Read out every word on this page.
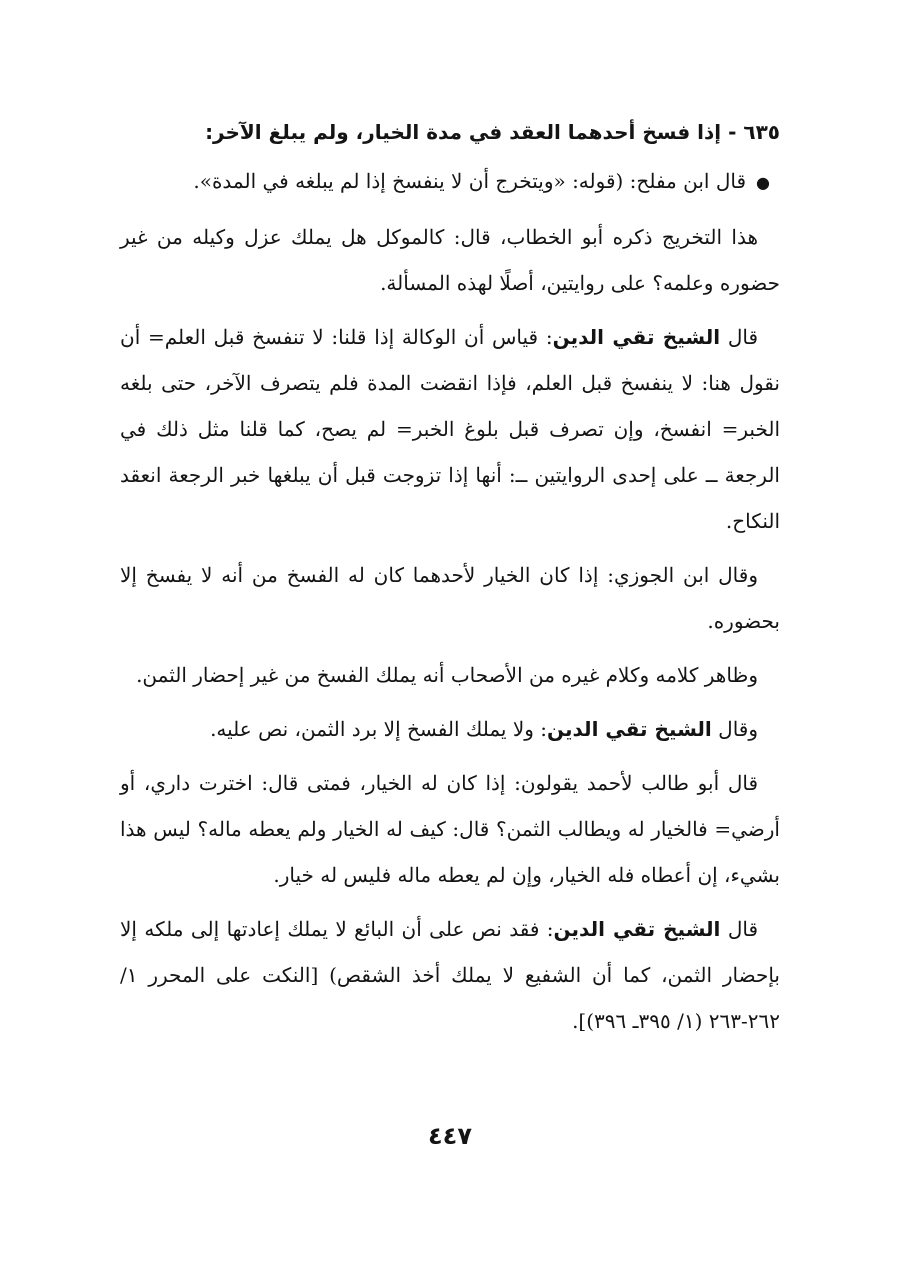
٦٣٥ - إذا فسخ أحدهما العقد في مدة الخيار، ولم يبلغ الآخر:
●قال ابن مفلح: (قوله: «ويتخرج أن لا ينفسخ إذا لم يبلغه في المدة».

هذا التخريج ذكره أبو الخطاب، قال: كالموكل هل يملك عزل وكيله من غير حضوره وعلمه؟ على روايتين، أصلًا لهذه المسألة.

قال الشيخ تقي الدين: قياس أن الوكالة إذا قلنا: لا تنفسخ قبل العلم= أن نقول هنا: لا ينفسخ قبل العلم، فإذا انقضت المدة فلم يتصرف الآخر، حتى بلغه الخبر= انفسخ، وإن تصرف قبل بلوغ الخبر= لم يصح، كما قلنا مثل ذلك في الرجعة ــ على إحدى الروايتين ــ: أنها إذا تزوجت قبل أن يبلغها خبر الرجعة انعقد النكاح.

وقال ابن الجوزي: إذا كان الخيار لأحدهما كان له الفسخ من أنه لا يفسخ إلا بحضوره.

وظاهر كلامه وكلام غيره من الأصحاب أنه يملك الفسخ من غير إحضار الثمن.

وقال الشيخ تقي الدين: ولا يملك الفسخ إلا برد الثمن، نص عليه.

قال أبو طالب لأحمد يقولون: إذا كان له الخيار، فمتى قال: اخترت داري، أو أرضي= فالخيار له ويطالب الثمن؟ قال: كيف له الخيار ولم يعطه ماله؟ ليس هذا بشيء، إن أعطاه فله الخيار، وإن لم يعطه ماله فليس له خيار.

قال الشيخ تقي الدين: فقد نص على أن البائع لا يملك إعادتها إلى ملكه إلا بإحضار الثمن، كما أن الشفيع لا يملك أخذ الشقص) [النكت على المحرر ١/ ٢٦٢-٢٦٣ (١/ ٣٩٥ـ ٣٩٦)].

٤٤٧
